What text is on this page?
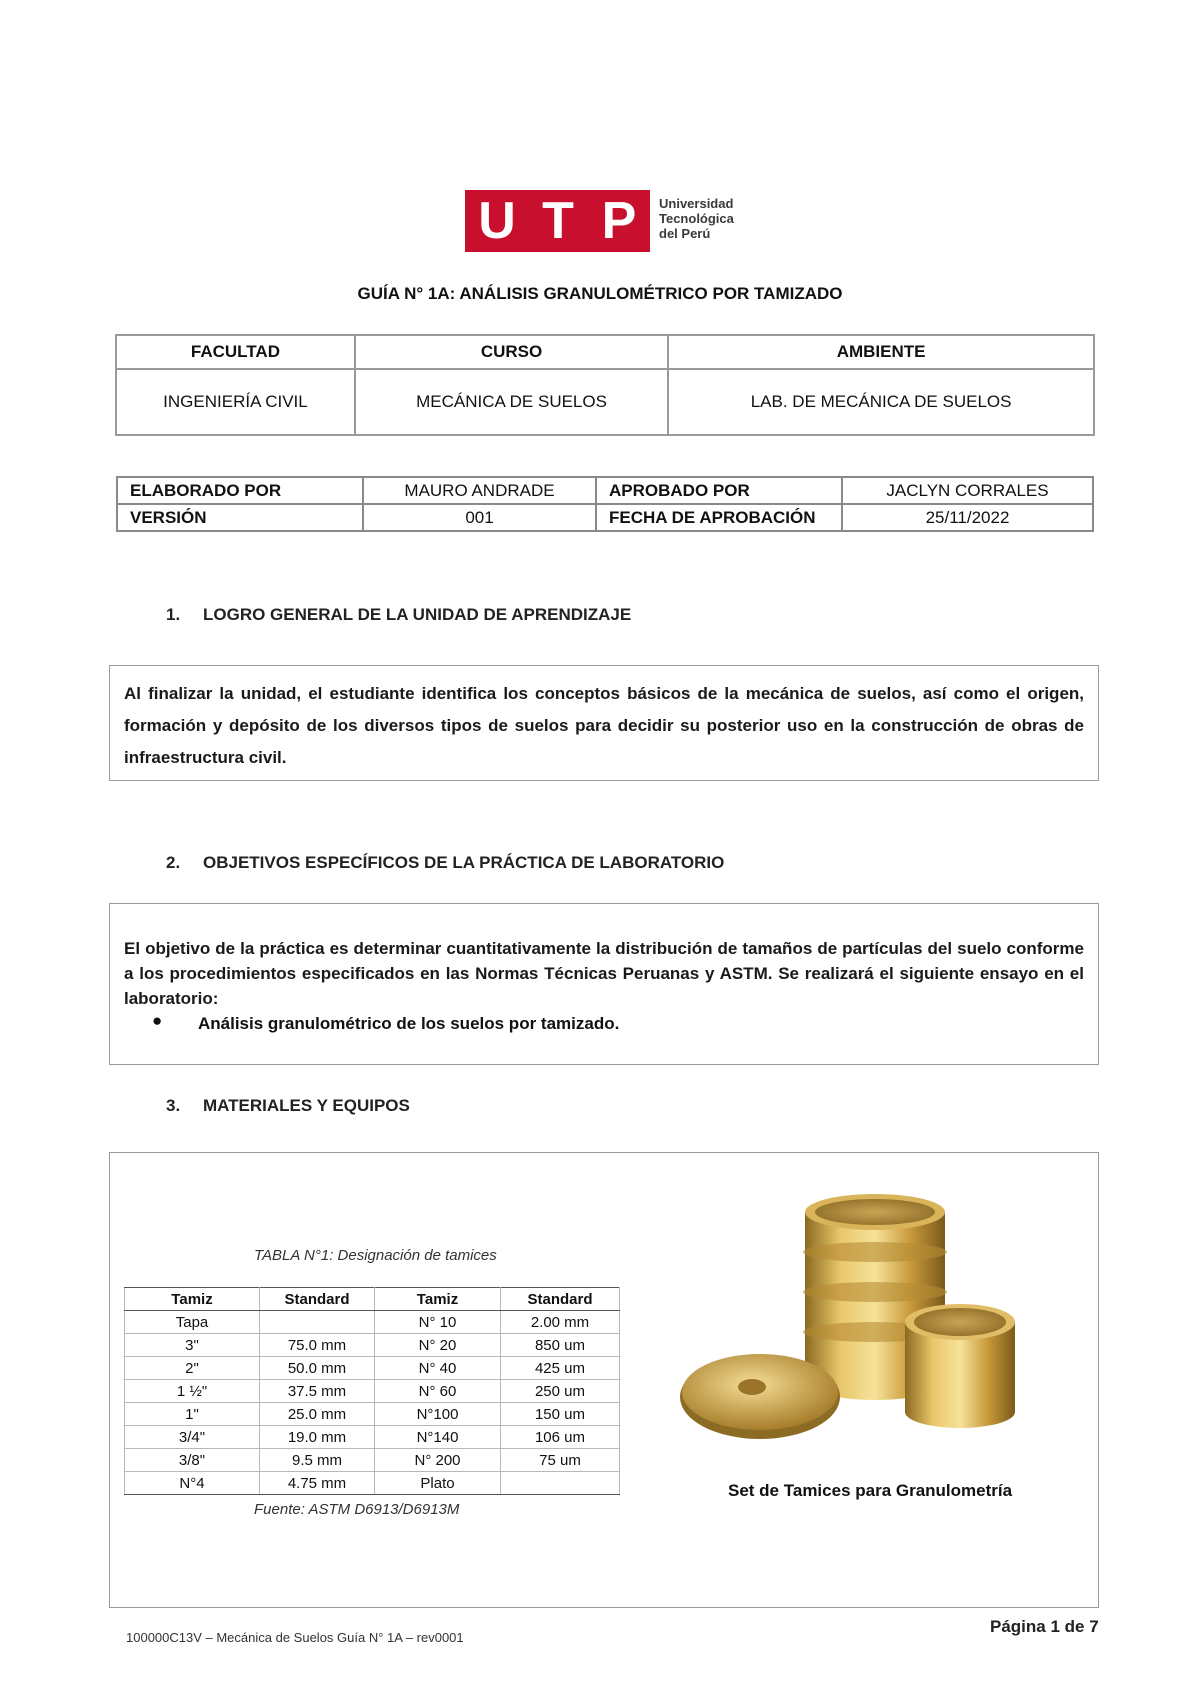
U T P	Universidad
Tecnológica
del Perú
GUÍA N° 1A: ANÁLISIS GRANULOMÉTRICO POR TAMIZADO
FACULTAD	CURSO	AMBIENTE
INGENIERÍA CIVIL	MECÁNICA DE SUELOS	LAB. DE MECÁNICA DE SUELOS
ELABORADO POR	MAURO ANDRADE	APROBADO POR	JACLYN CORRALES
VERSIÓN	001	FECHA DE APROBACIÓN	25/11/2022
1. LOGRO GENERAL DE LA UNIDAD DE APRENDIZAJE

Al finalizar la unidad, el estudiante identifica los conceptos básicos de la mecánica de suelos, así como el origen, formación y depósito de los diversos tipos de suelos para decidir su posterior uso en la construcción de obras de infraestructura civil.

2. OBJETIVOS ESPECÍFICOS DE LA PRÁCTICA DE LABORATORIO

El objetivo de la práctica es determinar cuantitativamente la distribución de tamaños de partículas del suelo conforme a los procedimientos especificados en las Normas Técnicas Peruanas y ASTM. Se realizará el siguiente ensayo en el laboratorio:

● Análisis granulométrico de los suelos por tamizado.
3. MATERIALES Y EQUIPOS
TABLA N°1: Designación de tamices
Tamiz	Standard	Tamiz	Standard
Tapa		N° 10	2.00 mm
3"	75.0 mm	N° 20	850 um
2"	50.0 mm	N° 40	425 um
1 ½"	37.5 mm	N° 60	250 um
1"	25.0 mm	N°100	150 um
3/4"	19.0 mm	N°140	106 um
3/8"	9.5 mm	N° 200	75 um
N°4	4.75 mm	Plato	
Fuente: ASTM D6913/D6913M
Set de Tamices para Granulometría
100000C13V – Mecánica de Suelos Guía N° 1A – rev0001
Página 1 de 7
